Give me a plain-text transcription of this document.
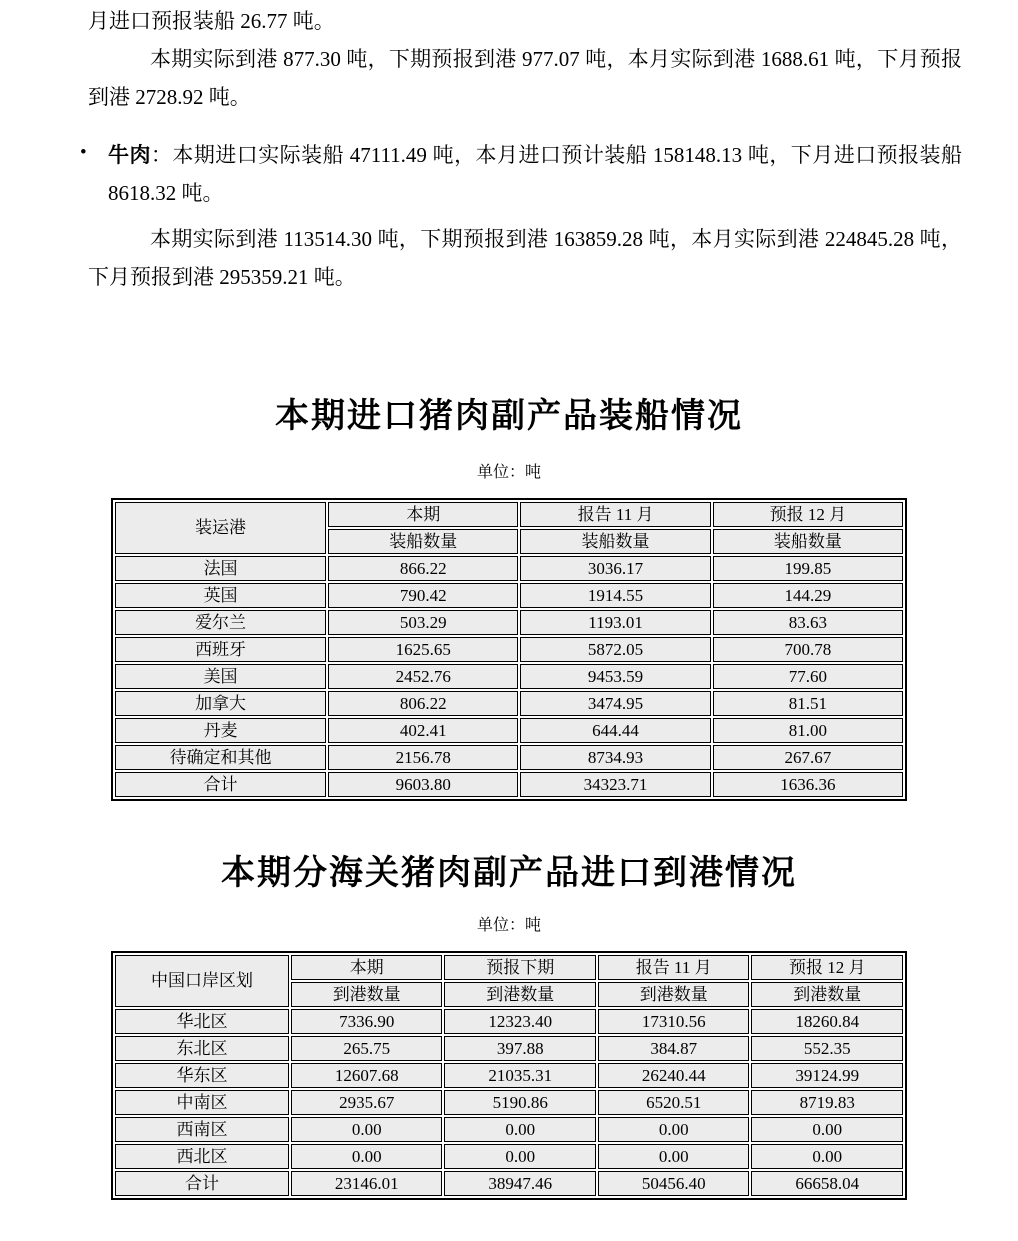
月进口预报装船 26.77 吨。

本期实际到港 877.30 吨，下期预报到港 977.07 吨，本月实际到港 1688.61 吨，下月预报到港 2728.92 吨。

• 牛肉：本期进口实际装船 47111.49 吨，本月进口预计装船 158148.13 吨，下月进口预报装船 8618.32 吨。

本期实际到港 113514.30 吨，下期预报到港 163859.28 吨，本月实际到港 224845.28 吨，下月预报到港 295359.21 吨。

本期进口猪肉副产品装船情况

单位：吨

装运港	本期	报告 11 月	预报 12 月
	装船数量	装船数量	装船数量
法国	866.22	3036.17	199.85
英国	790.42	1914.55	144.29
爱尔兰	503.29	1193.01	83.63
西班牙	1625.65	5872.05	700.78
美国	2452.76	9453.59	77.60
加拿大	806.22	3474.95	81.51
丹麦	402.41	644.44	81.00
待确定和其他	2156.78	8734.93	267.67
合计	9603.80	34323.71	1636.36
本期分海关猪肉副产品进口到港情况

单位：吨

中国口岸区划	本期	预报下期	报告 11 月	预报 12 月
	到港数量	到港数量	到港数量	到港数量
华北区	7336.90	12323.40	17310.56	18260.84
东北区	265.75	397.88	384.87	552.35
华东区	12607.68	21035.31	26240.44	39124.99
中南区	2935.67	5190.86	6520.51	8719.83
西南区	0.00	0.00	0.00	0.00
西北区	0.00	0.00	0.00	0.00
合计	23146.01	38947.46	50456.40	66658.04
